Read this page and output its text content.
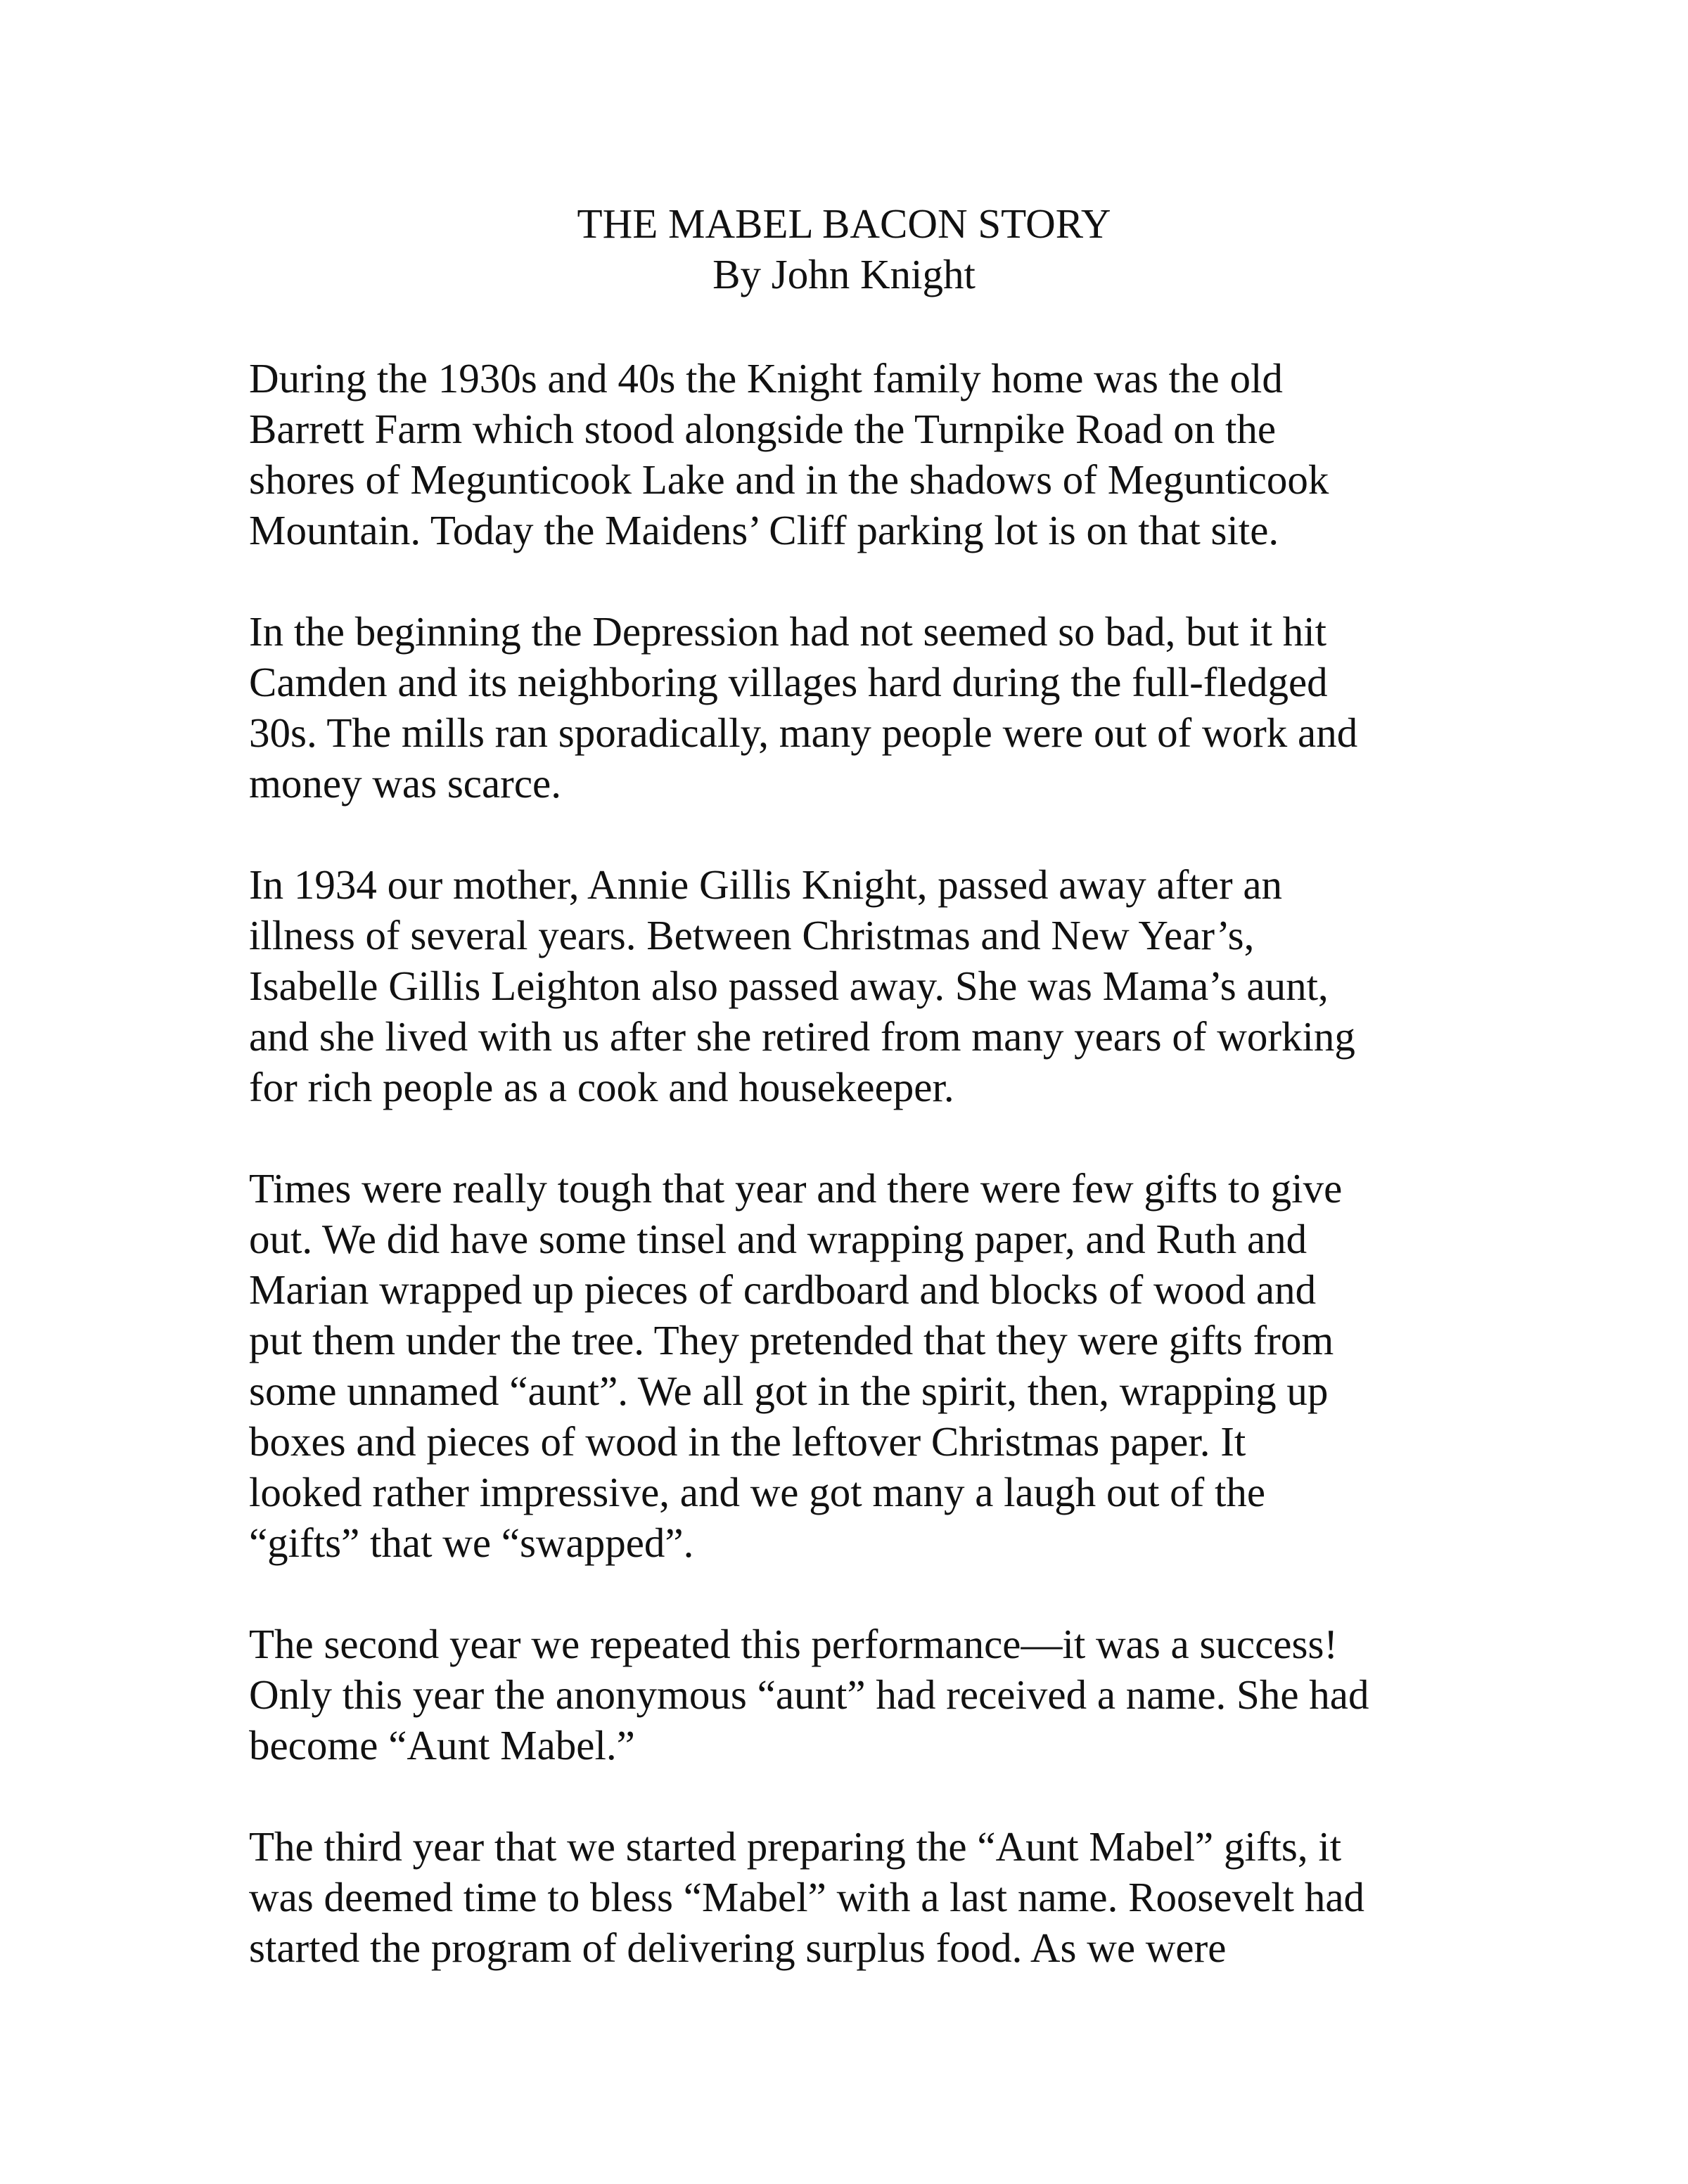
THE MABEL BACON STORY
By John Knight

During the 1930s and 40s the Knight family home was the old
Barrett Farm which stood alongside the Turnpike Road on the
shores of Megunticook Lake and in the shadows of Megunticook
Mountain. Today the Maidens’ Cliff parking lot is on that site.

In the beginning the Depression had not seemed so bad, but it hit
Camden and its neighboring villages hard during the full-fledged
30s. The mills ran sporadically, many people were out of work and
money was scarce.

In 1934 our mother, Annie Gillis Knight, passed away after an
illness of several years. Between Christmas and New Year’s,
Isabelle Gillis Leighton also passed away. She was Mama’s aunt,
and she lived with us after she retired from many years of working
for rich people as a cook and housekeeper.

Times were really tough that year and there were few gifts to give
out. We did have some tinsel and wrapping paper, and Ruth and
Marian wrapped up pieces of cardboard and blocks of wood and
put them under the tree. They pretended that they were gifts from
some unnamed “aunt”. We all got in the spirit, then, wrapping up
boxes and pieces of wood in the leftover Christmas paper. It
looked rather impressive, and we got many a laugh out of the
“gifts” that we “swapped”.

The second year we repeated this performance—it was a success!
Only this year the anonymous “aunt” had received a name. She had
become “Aunt Mabel.”

The third year that we started preparing the “Aunt Mabel” gifts, it
was deemed time to bless “Mabel” with a last name. Roosevelt had
started the program of delivering surplus food. As we were
